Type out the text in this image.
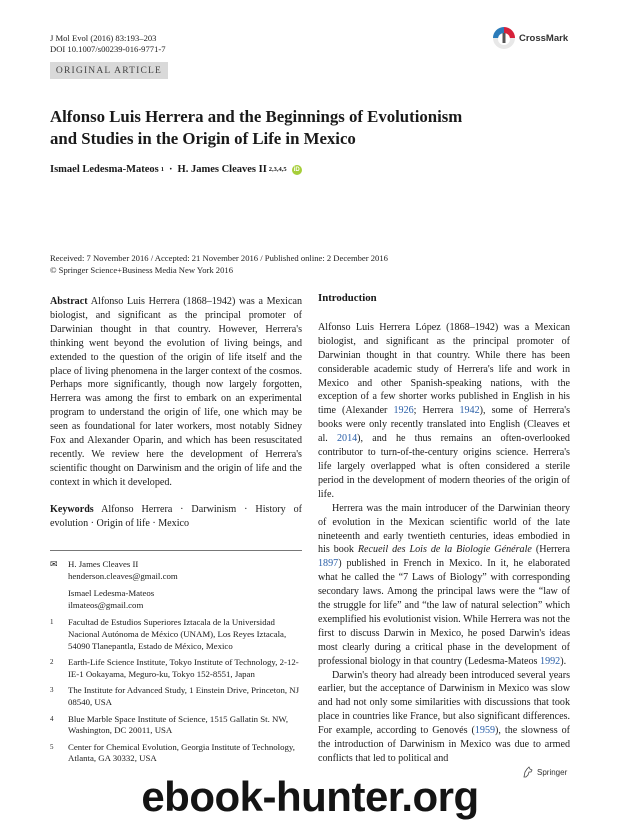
J Mol Evol (2016) 83:193–203
DOI 10.1007/s00239-016-9771-7
CrossMark
ORIGINAL ARTICLE
Alfonso Luis Herrera and the Beginnings of Evolutionism
and Studies in the Origin of Life in Mexico
Ismael Ledesma-Mateos 1 · H. James Cleaves II 2,3,4,5	iD
Received: 7 November 2016 / Accepted: 21 November 2016 / Published online: 2 December 2016
© Springer Science+Business Media New York 2016

Abstract Alfonso Luis Herrera (1868–1942) was a Mexican biologist, and significant as the principal promoter of Darwinian thought in that country. However, Herrera's thinking went beyond the evolution of living beings, and extended to the question of the origin of life itself and the place of living phenomena in the larger context of the cosmos. Perhaps more significantly, though now largely forgotten, Herrera was among the first to embark on an experimental program to understand the origin of life, one which may be seen as foundational for later workers, most notably Sidney Fox and Alexander Oparin, and which has been resuscitated recently. We review here the development of Herrera's scientific thought on Darwinism and the origin of life and the context in which it developed.

Keywords Alfonso Herrera · Darwinism · History of evolution · Origin of life · Mexico

✉	H. James Cleaves II
henderson.cleaves@gmail.com
Ismael Ledesma-Mateos
ilmateos@gmail.com
1	Facultad de Estudios Superiores Iztacala de la Universidad Nacional Autónoma de México (UNAM), Los Reyes Iztacala, 54090 Tlanepantla, Estado de México, Mexico
2	Earth-Life Science Institute, Tokyo Institute of Technology, 2-12-IE-1 Ookayama, Meguro-ku, Tokyo 152-8551, Japan
3	The Institute for Advanced Study, 1 Einstein Drive, Princeton, NJ 08540, USA
4	Blue Marble Space Institute of Science, 1515 Gallatin St. NW, Washington, DC 20011, USA
5	Center for Chemical Evolution, Georgia Institute of Technology, Atlanta, GA 30332, USA
Introduction

Alfonso Luis Herrera López (1868–1942) was a Mexican biologist, and significant as the principal promoter of Darwinian thought in that country. While there has been considerable academic study of Herrera's life and work in Mexico and other Spanish-speaking nations, with the exception of a few shorter works published in English in his time (Alexander 1926; Herrera 1942), some of Herrera's books were only recently translated into English (Cleaves et al. 2014), and he thus remains an often-overlooked contributor to turn-of-the-century origins science. Herrera's life largely overlapped what is often considered a sterile period in the development of modern theories of the origin of life.

Herrera was the main introducer of the Darwinian theory of evolution in the Mexican scientific world of the late nineteenth and early twentieth centuries, ideas embodied in his book Recueil des Lois de la Biologie Générale (Herrera 1897) published in French in Mexico. In it, he elaborated what he called the “7 Laws of Biology” with corresponding secondary laws. Among the principal laws were the “law of the struggle for life” and “the law of natural selection” which exemplified his evolutionist vision. While Herrera was not the first to discuss Darwin in Mexico, he posed Darwin's ideas most clearly during a critical phase in the development of professional biology in that country (Ledesma-Mateos 1992).

Darwin's theory had already been introduced several years earlier, but the acceptance of Darwinism in Mexico was slow and had not only some similarities with discussions that took place in countries like France, but also significant differences. For example, according to Genovés (1959), the slowness of the introduction of Darwinism in Mexico was due to armed conflicts that led to political and

Springer
ebook-hunter.org
